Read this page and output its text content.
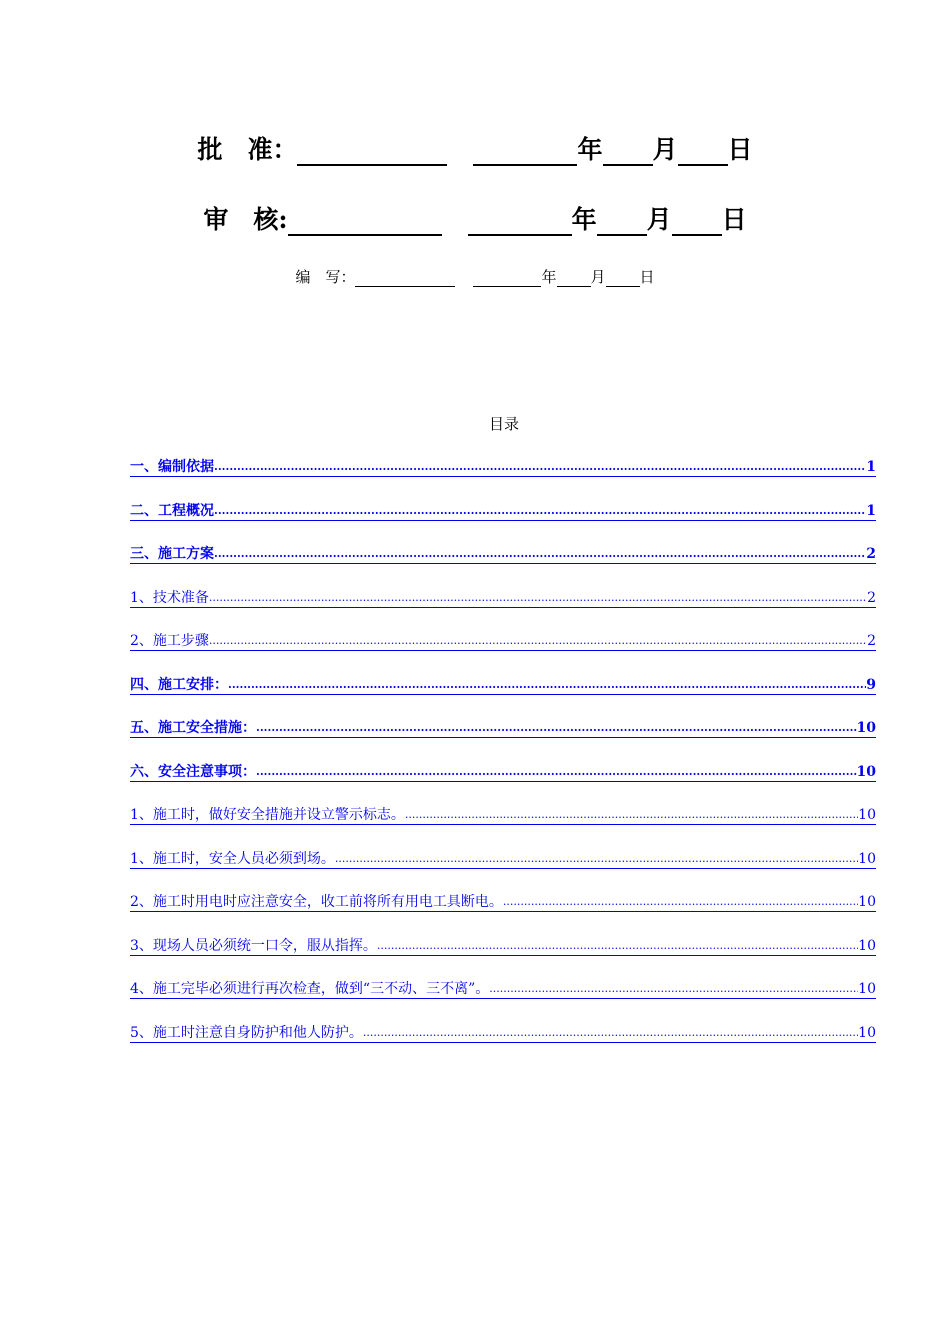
批　准：	年 月 日
审　核:	年 月 日
编　写：	年 月 日
目录
一、编制依据 .....	1
二、工程概况 .....	1
三、施工方案 .....	2
1、技术准备 .....	2
2、施工步骤 .....	2
四、施工安排： .....	9
五、施工安全措施： .....	10
六、安全注意事项： .....	10
1、施工时，做好安全措施并设立警示标志。 .....	10
1、施工时，安全人员必须到场。 .....	10
2、施工时用电时应注意安全，收工前将所有用电工具断电。 .....	10
3、现场人员必须统一口令，服从指挥。 .....	10
4、施工完毕必须进行再次检查，做到“三不动、三不离”。 .....	10
5、施工时注意自身防护和他人防护。 .....	10
